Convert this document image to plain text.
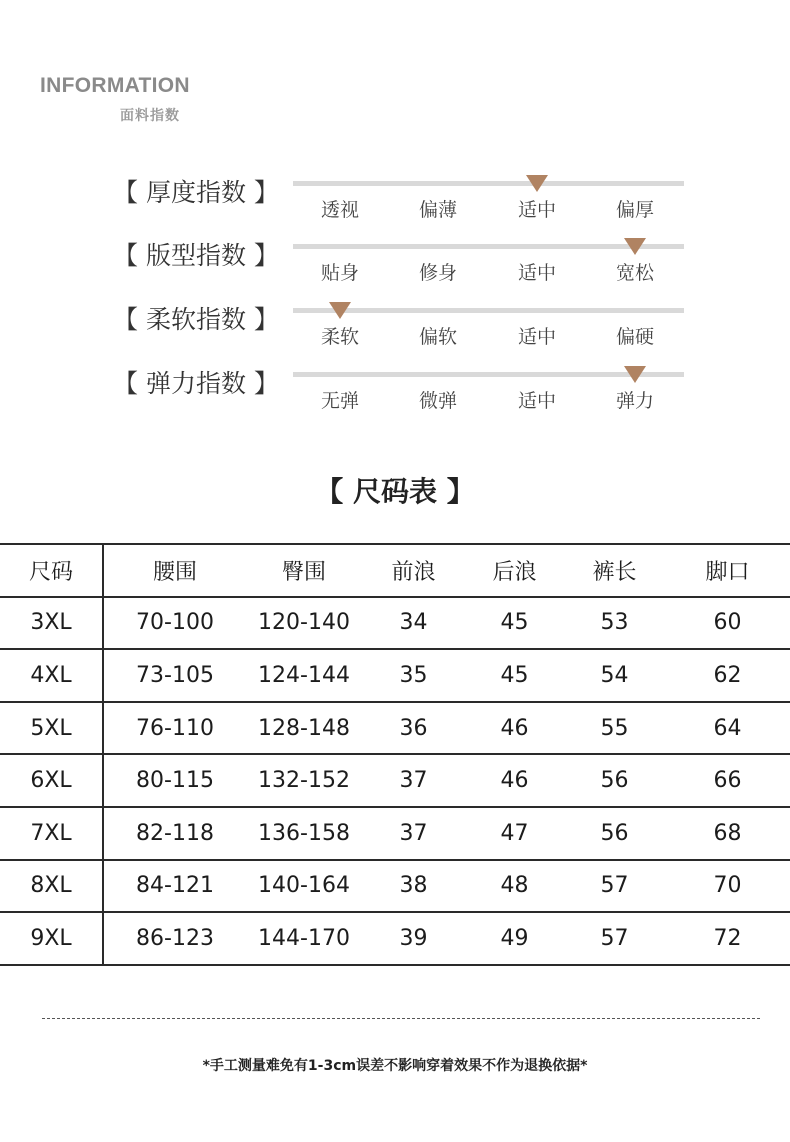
INFORMATION
面料指数
【 厚度指数 】
透视	偏薄	适中	偏厚
【 版型指数 】
贴身	修身	适中	宽松
【 柔软指数 】
柔软	偏软	适中	偏硬
【 弹力指数 】
无弹	微弹	适中	弹力
【 尺码表 】
尺码	腰围	臀围	前浪	后浪	裤长	脚口
3XL	70-100	120-140	34	45	53	60
4XL	73-105	124-144	35	45	54	62
5XL	76-110	128-148	36	46	55	64
6XL	80-115	132-152	37	46	56	66
7XL	82-118	136-158	37	47	56	68
8XL	84-121	140-164	38	48	57	70
9XL	86-123	144-170	39	49	57	72
*手工测量难免有1-3cm误差不影响穿着效果不作为退换依据*
